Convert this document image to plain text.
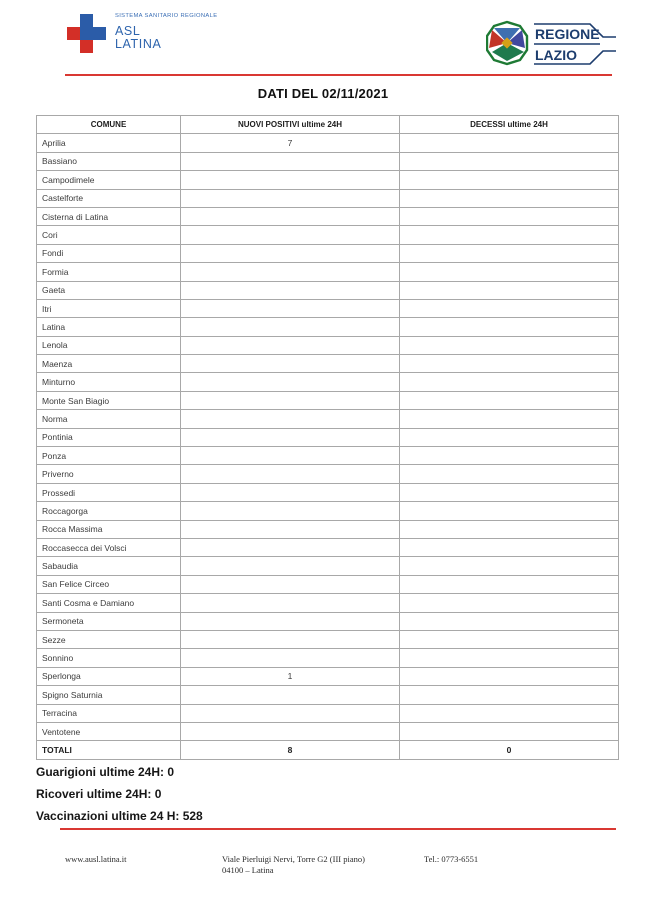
SISTEMA SANITARIO REGIONALE
ASL
LATINA
REGIONE
LAZIO
DATI DEL 02/11/2021
COMUNE	NUOVI POSITIVI ultime 24H	DECESSI ultime 24H
Aprilia	7	
Bassiano		
Campodimele		
Castelforte		
Cisterna di Latina		
Cori		
Fondi		
Formia		
Gaeta		
Itri		
Latina		
Lenola		
Maenza		
Minturno		
Monte San Biagio		
Norma		
Pontinia		
Ponza		
Priverno		
Prossedi		
Roccagorga		
Rocca Massima		
Roccasecca dei Volsci		
Sabaudia		
San Felice Circeo		
Santi Cosma e Damiano		
Sermoneta		
Sezze		
Sonnino		
Sperlonga	1	
Spigno Saturnia		
Terracina		
Ventotene		
TOTALI	8	0
Guarigioni ultime 24H: 0
Ricoveri ultime 24H: 0
Vaccinazioni ultime 24 H: 528
www.ausl.latina.it	Viale Pierluigi Nervi, Torre G2 (III piano)
04100 – Latina
Tel.: 0773-6551
